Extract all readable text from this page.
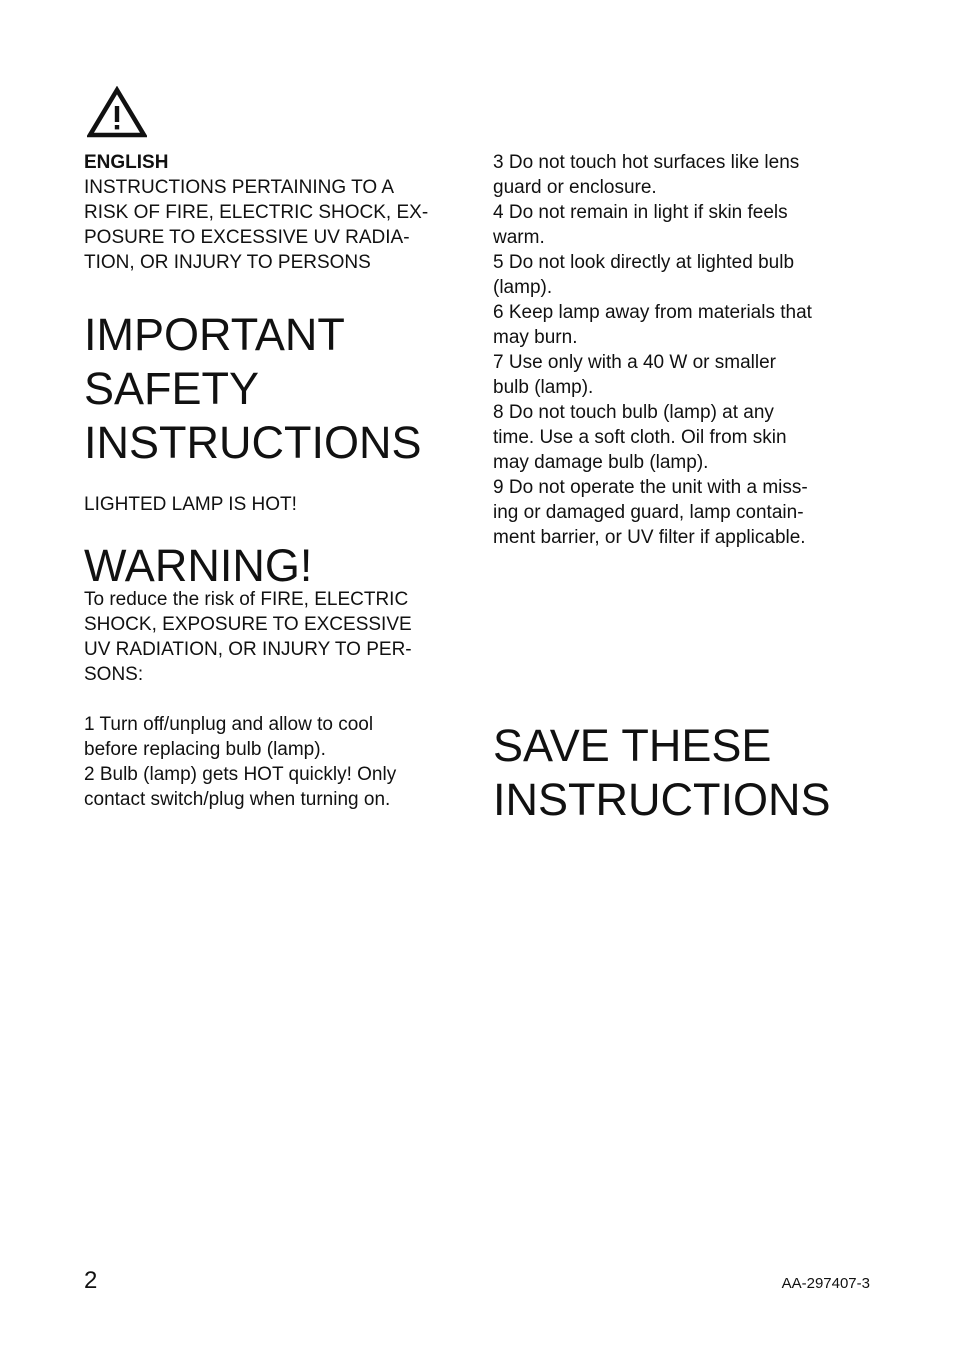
ENGLISH
INSTRUCTIONS PERTAINING TO A
RISK OF FIRE, ELECTRIC SHOCK, EX-
POSURE TO EXCESSIVE UV RADIA-
TION, OR INJURY TO PERSONS
IMPORTANT
SAFETY
INSTRUCTIONS
LIGHTED LAMP IS HOT!
WARNING!
To reduce the risk of FIRE, ELECTRIC
SHOCK, EXPOSURE TO EXCESSIVE
UV RADIATION, OR INJURY TO PER-
SONS:
1 Turn off/unplug and allow to cool
before replacing bulb (lamp).
2 Bulb (lamp) gets HOT quickly! Only
contact switch/plug when turning on.
3 Do not touch hot surfaces like lens
guard or enclosure.
4 Do not remain in light if skin feels
warm.
5 Do not look directly at lighted bulb
(lamp).
6 Keep lamp away from materials that
may burn.
7 Use only with a 40 W or smaller
bulb (lamp).
8 Do not touch bulb (lamp) at any
time. Use a soft cloth. Oil from skin
may damage bulb (lamp).
9 Do not operate the unit with a miss-
ing or damaged guard, lamp contain-
ment barrier, or UV filter if applicable.
SAVE THESE
INSTRUCTIONS
2	AA-297407-3
